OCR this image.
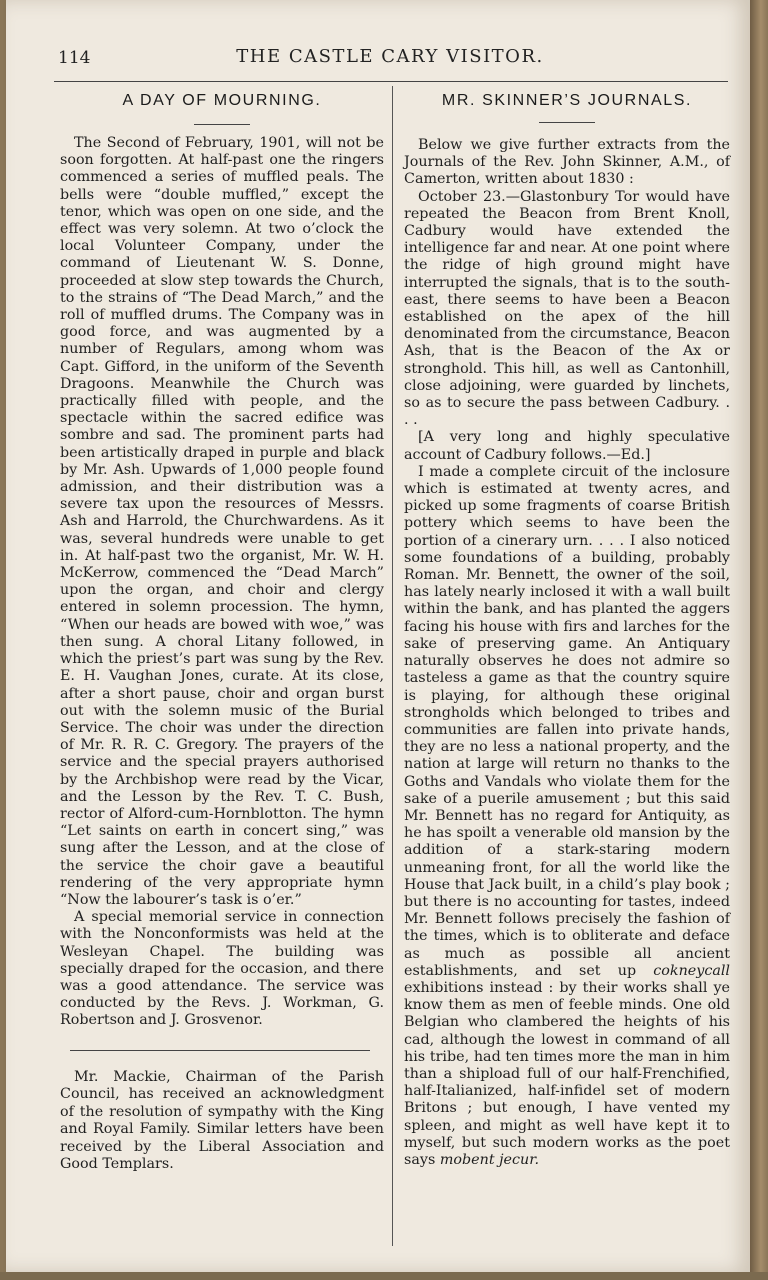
114	THE CASTLE CARY VISITOR.
A DAY OF MOURNING.

The Second of February, 1901, will not be soon forgotten. At half-past one the ringers commenced a series of muffled peals. The bells were “double muffled,” except the tenor, which was open on one side, and the effect was very solemn. At two o’clock the local Volunteer Company, under the command of Lieutenant W. S. Donne, proceeded at slow step towards the Church, to the strains of “The Dead March,” and the roll of muffled drums. The Company was in good force, and was augmented by a number of Regulars, among whom was Capt. Gifford, in the uniform of the Seventh Dragoons. Meanwhile the Church was practically filled with people, and the spectacle within the sacred edifice was sombre and sad. The prominent parts had been artistically draped in purple and black by Mr. Ash. Upwards of 1,000 people found admission, and their distribution was a severe tax upon the resources of Messrs. Ash and Harrold, the Churchwardens. As it was, several hundreds were unable to get in. At half-past two the organist, Mr. W. H. McKerrow, commenced the “Dead March” upon the organ, and choir and clergy entered in solemn procession. The hymn, “When our heads are bowed with woe,” was then sung. A choral Litany followed, in which the priest’s part was sung by the Rev. E. H. Vaughan Jones, curate. At its close, after a short pause, choir and organ burst out with the solemn music of the Burial Service. The choir was under the direction of Mr. R. R. C. Gregory. The prayers of the service and the special prayers authorised by the Archbishop were read by the Vicar, and the Lesson by the Rev. T. C. Bush, rector of Alford-cum-Hornblotton. The hymn “Let saints on earth in concert sing,” was sung after the Lesson, and at the close of the service the choir gave a beautiful rendering of the very appropriate hymn “Now the labourer’s task is o’er.”

A special memorial service in connection with the Nonconformists was held at the Wesleyan Chapel. The building was specially draped for the occasion, and there was a good attendance. The service was conducted by the Revs. J. Workman, G. Robertson and J. Grosvenor.

Mr. Mackie, Chairman of the Parish Council, has received an acknowledgment of the resolution of sympathy with the King and Royal Family. Similar letters have been received by the Liberal Association and Good Templars.

MR. SKINNER’S JOURNALS.

Below we give further extracts from the Journals of the Rev. John Skinner, A.M., of Camerton, written about 1830 :

October 23.—Glastonbury Tor would have repeated the Beacon from Brent Knoll, Cadbury would have extended the intelligence far and near. At one point where the ridge of high ground might have interrupted the signals, that is to the south-east, there seems to have been a Beacon established on the apex of the hill denominated from the circumstance, Beacon Ash, that is the Beacon of the Ax or stronghold. This hill, as well as Cantonhill, close adjoining, were guarded by linchets, so as to secure the pass between Cadbury. . . .

[A very long and highly speculative account of Cadbury follows.—Ed.]

I made a complete circuit of the inclosure which is estimated at twenty acres, and picked up some fragments of coarse British pottery which seems to have been the portion of a cinerary urn. . . . I also noticed some foundations of a building, probably Roman. Mr. Bennett, the owner of the soil, has lately nearly inclosed it with a wall built within the bank, and has planted the aggers facing his house with firs and larches for the sake of preserving game. An Antiquary naturally observes he does not admire so tasteless a game as that the country squire is playing, for although these original strongholds which belonged to tribes and communities are fallen into private hands, they are no less a national property, and the nation at large will return no thanks to the Goths and Vandals who violate them for the sake of a puerile amusement ; but this said Mr. Bennett has no regard for Antiquity, as he has spoilt a venerable old mansion by the addition of a stark-staring modern unmeaning front, for all the world like the House that Jack built, in a child’s play book ; but there is no accounting for tastes, indeed Mr. Bennett follows precisely the fashion of the times, which is to obliterate and deface as much as possible all ancient establishments, and set up cokneycall exhibitions instead : by their works shall ye know them as men of feeble minds. One old Belgian who clambered the heights of his cad, although the lowest in command of all his tribe, had ten times more the man in him than a shipload full of our half-Frenchified, half-Italianized, half-infidel set of modern Britons ; but enough, I have vented my spleen, and might as well have kept it to myself, but such modern works as the poet says mobent jecur.
